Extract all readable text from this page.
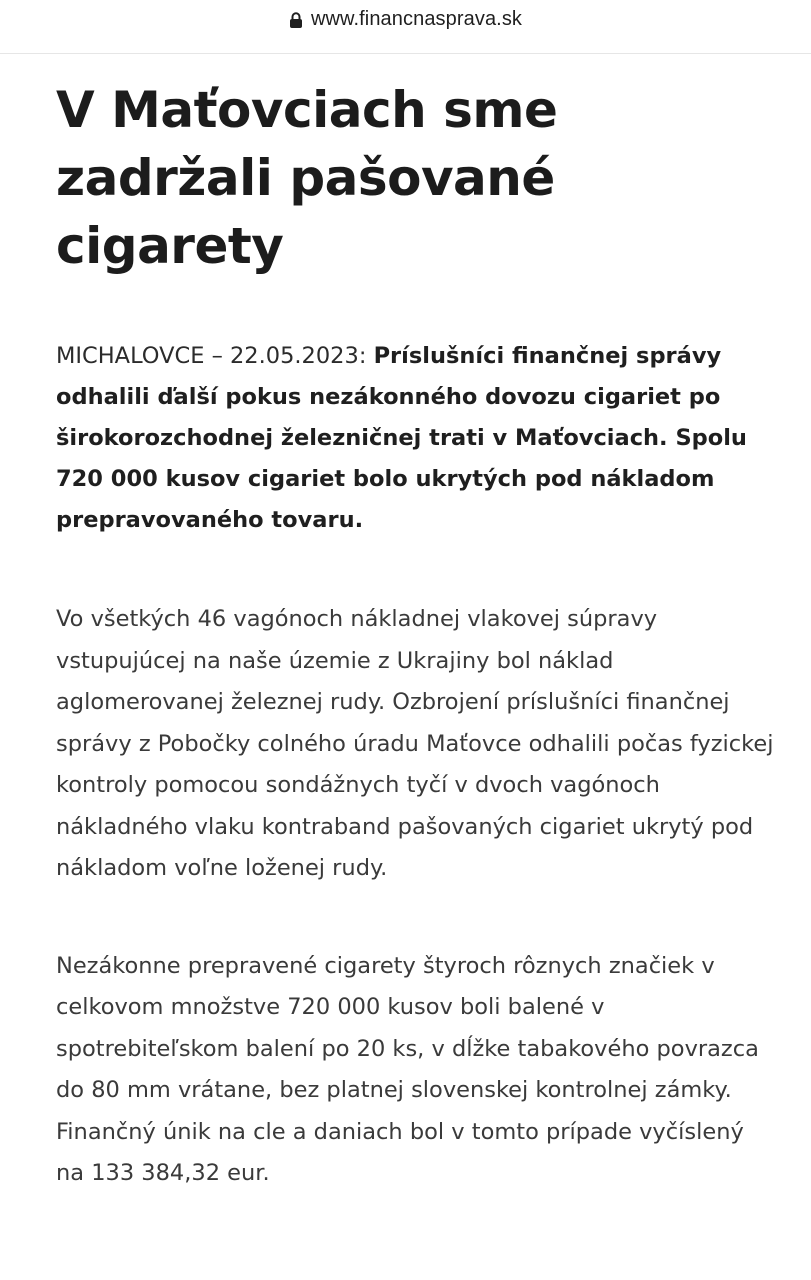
www.financnasprava.sk
V Maťovciach sme zadržali pašované cigarety

MICHALOVCE – 22.05.2023: Príslušníci finančnej správy odhalili ďalší pokus nezákonného dovozu cigariet po širokorozchodnej železničnej trati v Maťovciach. Spolu 720 000 kusov cigariet bolo ukrytých pod nákladom prepravovaného tovaru.

Vo všetkých 46 vagónoch nákladnej vlakovej súpravy vstupujúcej na naše územie z Ukrajiny bol náklad aglomerovanej železnej rudy. Ozbrojení príslušníci finančnej správy z Pobočky colného úradu Maťovce odhalili počas fyzickej kontroly pomocou sondážnych tyčí v dvoch vagónoch nákladného vlaku kontraband pašovaných cigariet ukrytý pod nákladom voľne loženej rudy.

Nezákonne prepravené cigarety štyroch rôznych značiek v celkovom množstve 720 000 kusov boli balené v spotrebiteľskom balení po 20 ks, v dĺžke tabakového povrazca do 80 mm vrátane, bez platnej slovenskej kontrolnej zámky. Finančný únik na cle a daniach bol v tomto prípade vyčíslený na 133 384,32 eur.
